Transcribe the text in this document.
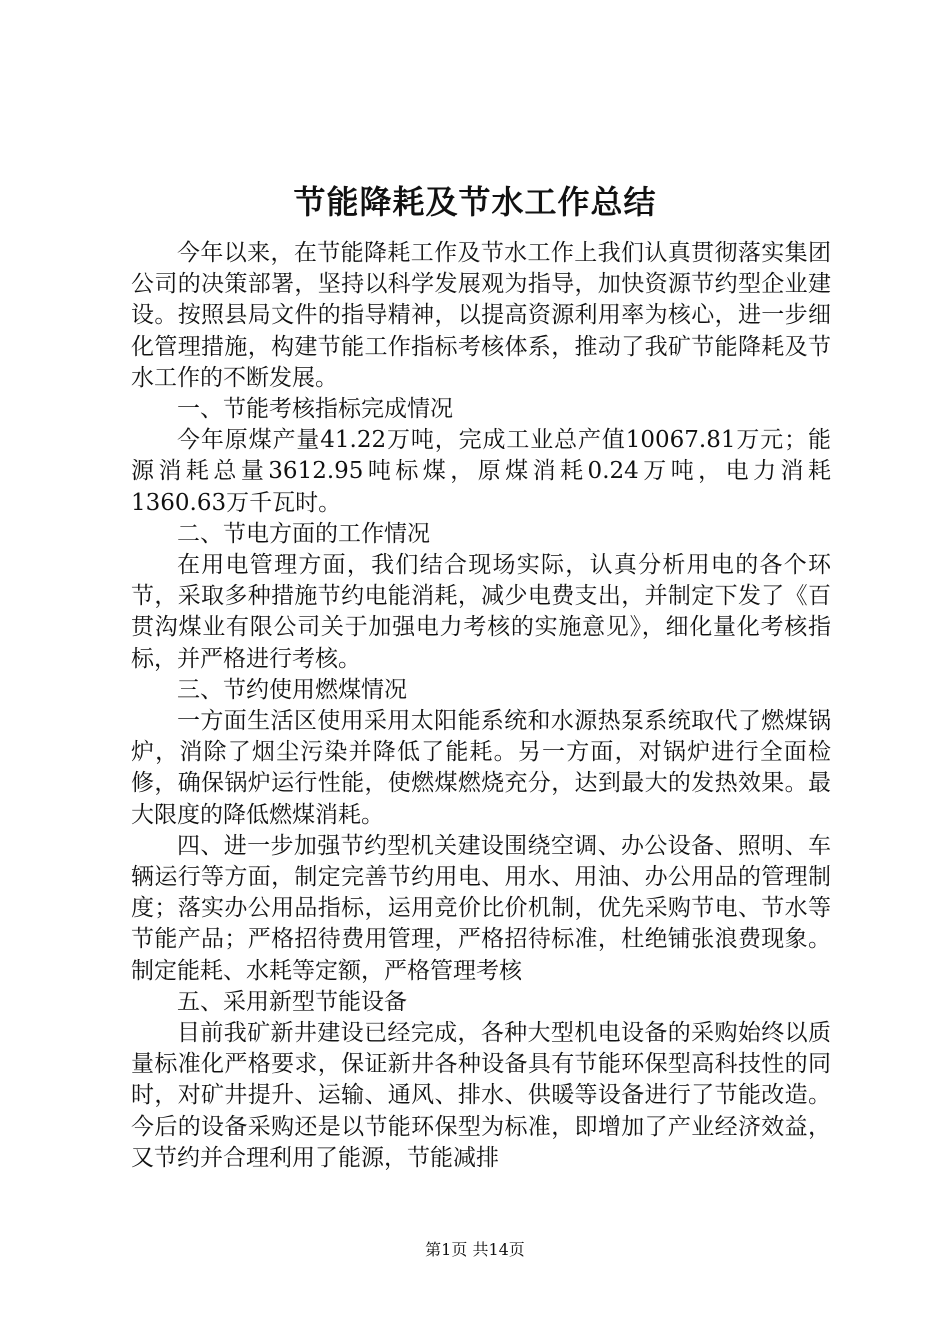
节能降耗及节水工作总结

今年以来，在节能降耗工作及节水工作上我们认真贯彻落实集团公司的决策部署，坚持以科学发展观为指导，加快资源节约型企业建设。按照县局文件的指导精神，以提高资源利用率为核心，进一步细化管理措施，构建节能工作指标考核体系，推动了我矿节能降耗及节水工作的不断发展。

一、节能考核指标完成情况

今年原煤产量41.22万吨，完成工业总产值10067.81万元；能源消耗总量3612.95吨标煤，原煤消耗0.24万吨，电力消耗1360.63万千瓦时。

二、节电方面的工作情况

在用电管理方面，我们结合现场实际，认真分析用电的各个环节，采取多种措施节约电能消耗，减少电费支出，并制定下发了《百贯沟煤业有限公司关于加强电力考核的实施意见》，细化量化考核指标，并严格进行考核。

三、节约使用燃煤情况

一方面生活区使用采用太阳能系统和水源热泵系统取代了燃煤锅炉，消除了烟尘污染并降低了能耗。另一方面，对锅炉进行全面检修，确保锅炉运行性能，使燃煤燃烧充分，达到最大的发热效果。最大限度的降低燃煤消耗。

四、进一步加强节约型机关建设围绕空调、办公设备、照明、车辆运行等方面，制定完善节约用电、用水、用油、办公用品的管理制度；落实办公用品指标，运用竞价比价机制，优先采购节电、节水等节能产品；严格招待费用管理，严格招待标准，杜绝铺张浪费现象。制定能耗、水耗等定额，严格管理考核

五、采用新型节能设备

目前我矿新井建设已经完成，各种大型机电设备的采购始终以质量标准化严格要求，保证新井各种设备具有节能环保型高科技性的同时，对矿井提升、运输、通风、排水、供暖等设备进行了节能改造。今后的设备采购还是以节能环保型为标准，即增加了产业经济效益，又节约并合理利用了能源，节能减排

第1页 共14页
